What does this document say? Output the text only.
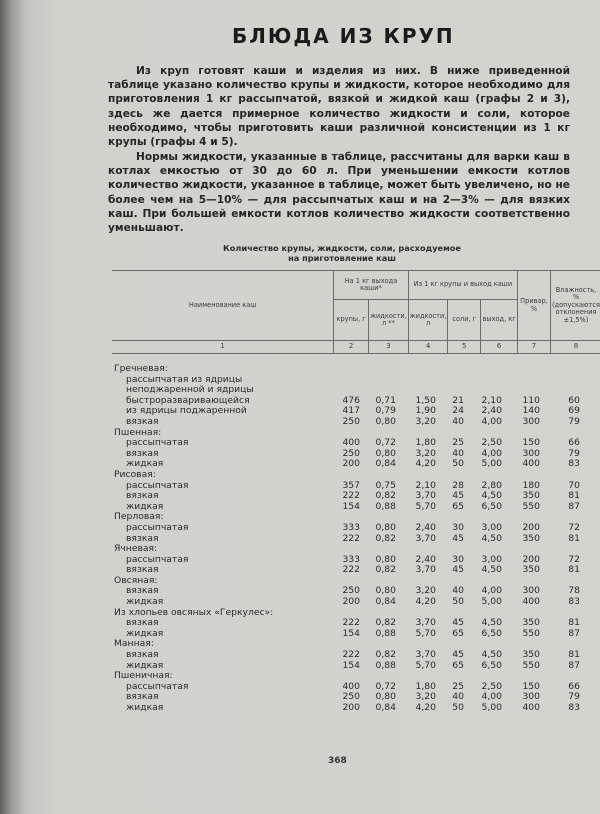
БЛЮДА ИЗ КРУП

Из круп готовят каши и изделия из них. В ниже приведенной таблице указано количество крупы и жидкости, которое необходимо для приготовления 1 кг рассыпчатой, вязкой и жидкой каш (графы 2 и 3), здесь же дается примерное количество жидкости и соли, которое необходимо, чтобы приготовить каши различной консистенции из 1 кг крупы (графы 4 и 5).

Нормы жидкости, указанные в таблице, рассчитаны для варки каш в котлах емкостью от 30 до 60 л. При уменьшении емкости котлов количество жидкости, указанное в таблице, может быть увеличено, но не более чем на 5—10% — для рассыпчатых каш и на 2—3% — для вязких каш. При большей емкости котлов количество жидкости соответственно уменьшают.

Количество крупы, жидкости, соли, расходуемое
на приготовление каш
Наименование каш	На 1 кг выхода каши*		Из 1 кг крупы и выход каши			Привар, %	Влажность, % (допускаются отклонения ±1,5%)
	крупы, г	жидкости, л **	жидкости, л	соли, г	выход, кг		
1	2	3	4	5	6	7	8
Гречневая:
рассыпчатая из ядрицы
неподжаренной и ядрицы
быстроразваривающейся	476	0,71	1,50	21	2,10	110	60
из ядрицы поджаренной	417	0,79	1,90	24	2,40	140	69
вязкая	250	0,80	3,20	40	4,00	300	79
Пшенная:
рассыпчатая	400	0,72	1,80	25	2,50	150	66
вязкая	250	0,80	3,20	40	4,00	300	79
жидкая	200	0,84	4,20	50	5,00	400	83
Рисовая:
рассыпчатая	357	0,75	2,10	28	2,80	180	70
вязкая	222	0,82	3,70	45	4,50	350	81
жидкая	154	0,88	5,70	65	6,50	550	87
Перловая:
рассыпчатая	333	0,80	2,40	30	3,00	200	72
вязкая	222	0,82	3,70	45	4,50	350	81
Ячневая:
рассыпчатая	333	0,80	2,40	30	3,00	200	72
вязкая	222	0,82	3,70	45	4,50	350	81
Овсяная:
вязкая	250	0,80	3,20	40	4,00	300	78
жидкая	200	0,84	4,20	50	5,00	400	83
Из хлопьев овсяных «Геркулес»:
вязкая	222	0,82	3,70	45	4,50	350	81
жидкая	154	0,88	5,70	65	6,50	550	87
Манная:
вязкая	222	0,82	3,70	45	4,50	350	81
жидкая	154	0,88	5,70	65	6,50	550	87
Пшеничная:
рассыпчатая	400	0,72	1,80	25	2,50	150	66
вязкая	250	0,80	3,20	40	4,00	300	79
жидкая	200	0,84	4,20	50	5,00	400	83
368
